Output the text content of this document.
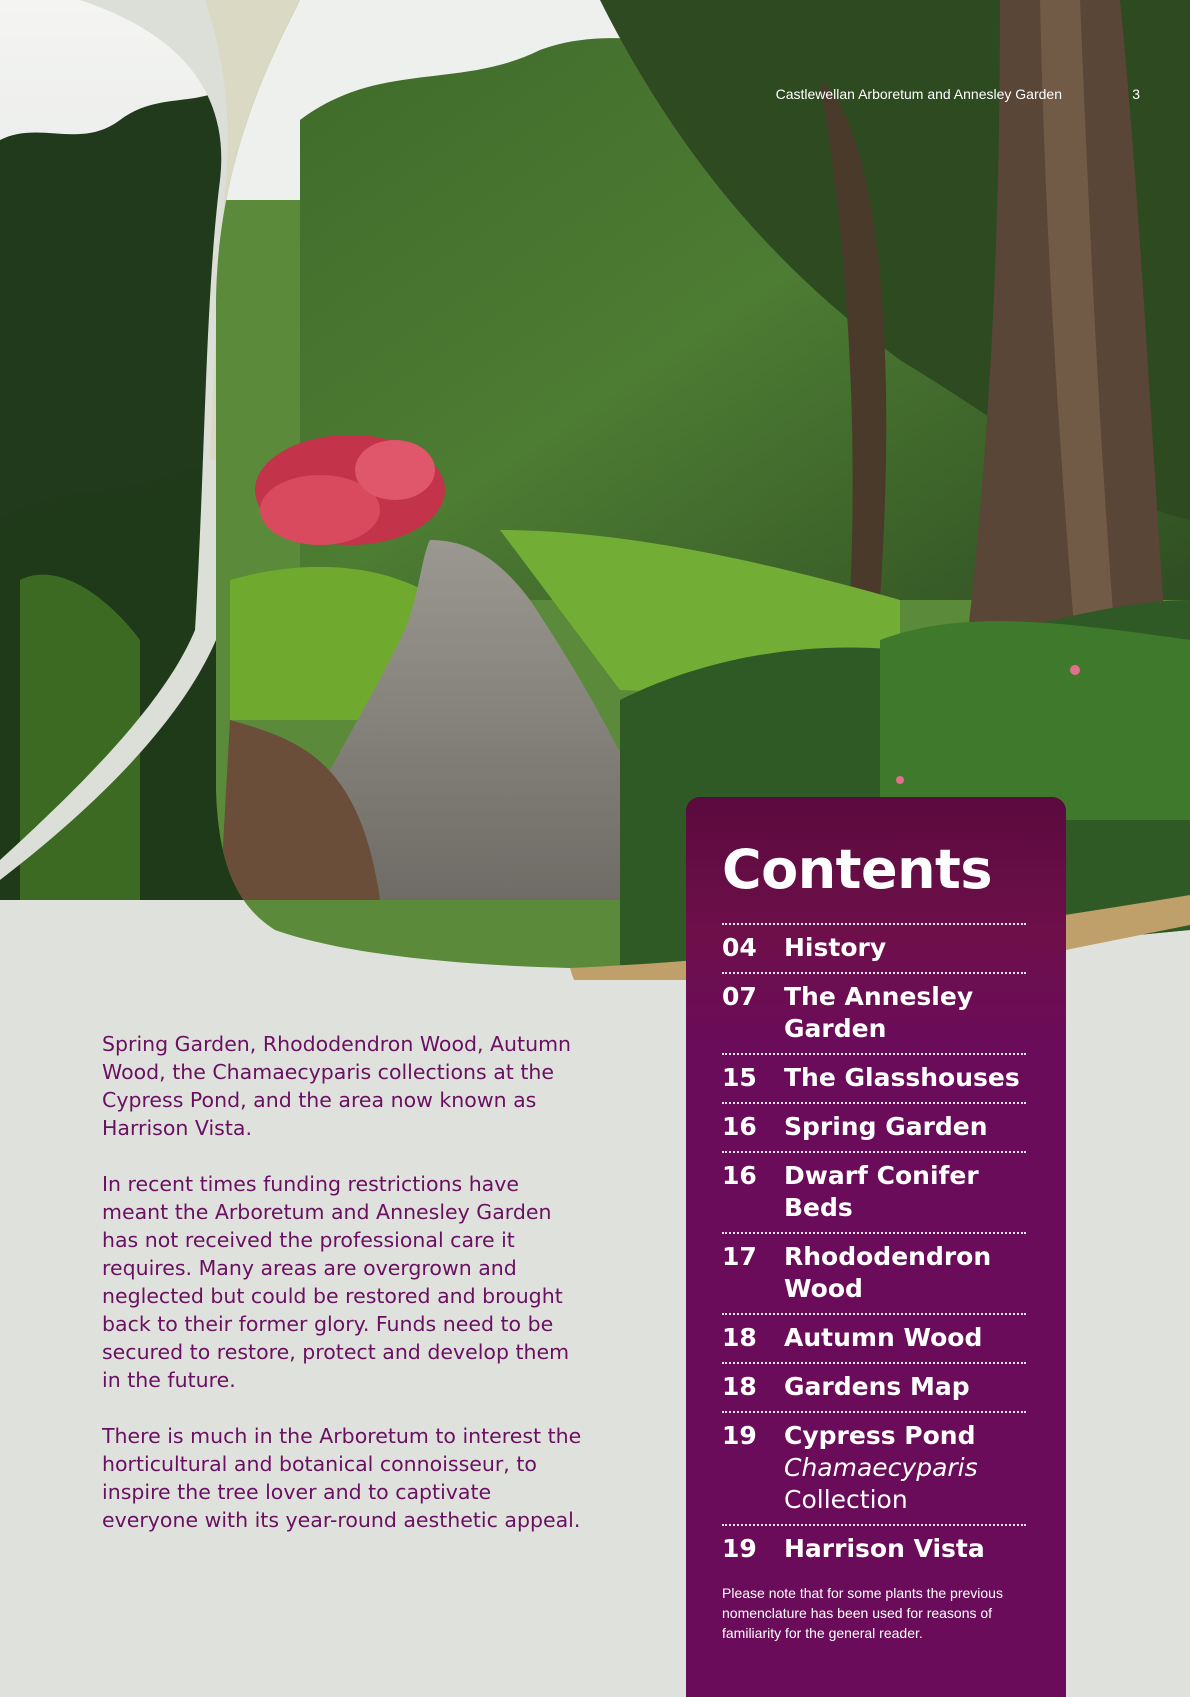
Castlewellan Arboretum and Annesley Garden	3

Spring Garden, Rhododendron Wood, Autumn Wood, the Chamaecyparis collections at the Cypress Pond, and the area now known as Harrison Vista.

In recent times funding restrictions have meant the Arboretum and Annesley Garden has not received the professional care it requires. Many areas are overgrown and neglected but could be restored and brought back to their former glory. Funds need to be secured to restore, protect and develop them in the future.

There is much in the Arboretum to interest the horticultural and botanical connoisseur, to inspire the tree lover and to captivate everyone with its year-round aesthetic appeal.

Contents
04	History
07	The Annesley Garden
15	The Glasshouses
16	Spring Garden
16	Dwarf Conifer Beds
17	Rhododendron Wood
18	Autumn Wood
18	Gardens Map
19	Cypress Pond
Chamaecyparis
Collection
19	Harrison Vista
Please note that for some plants the previous nomenclature has been used for reasons of familiarity for the general reader.
